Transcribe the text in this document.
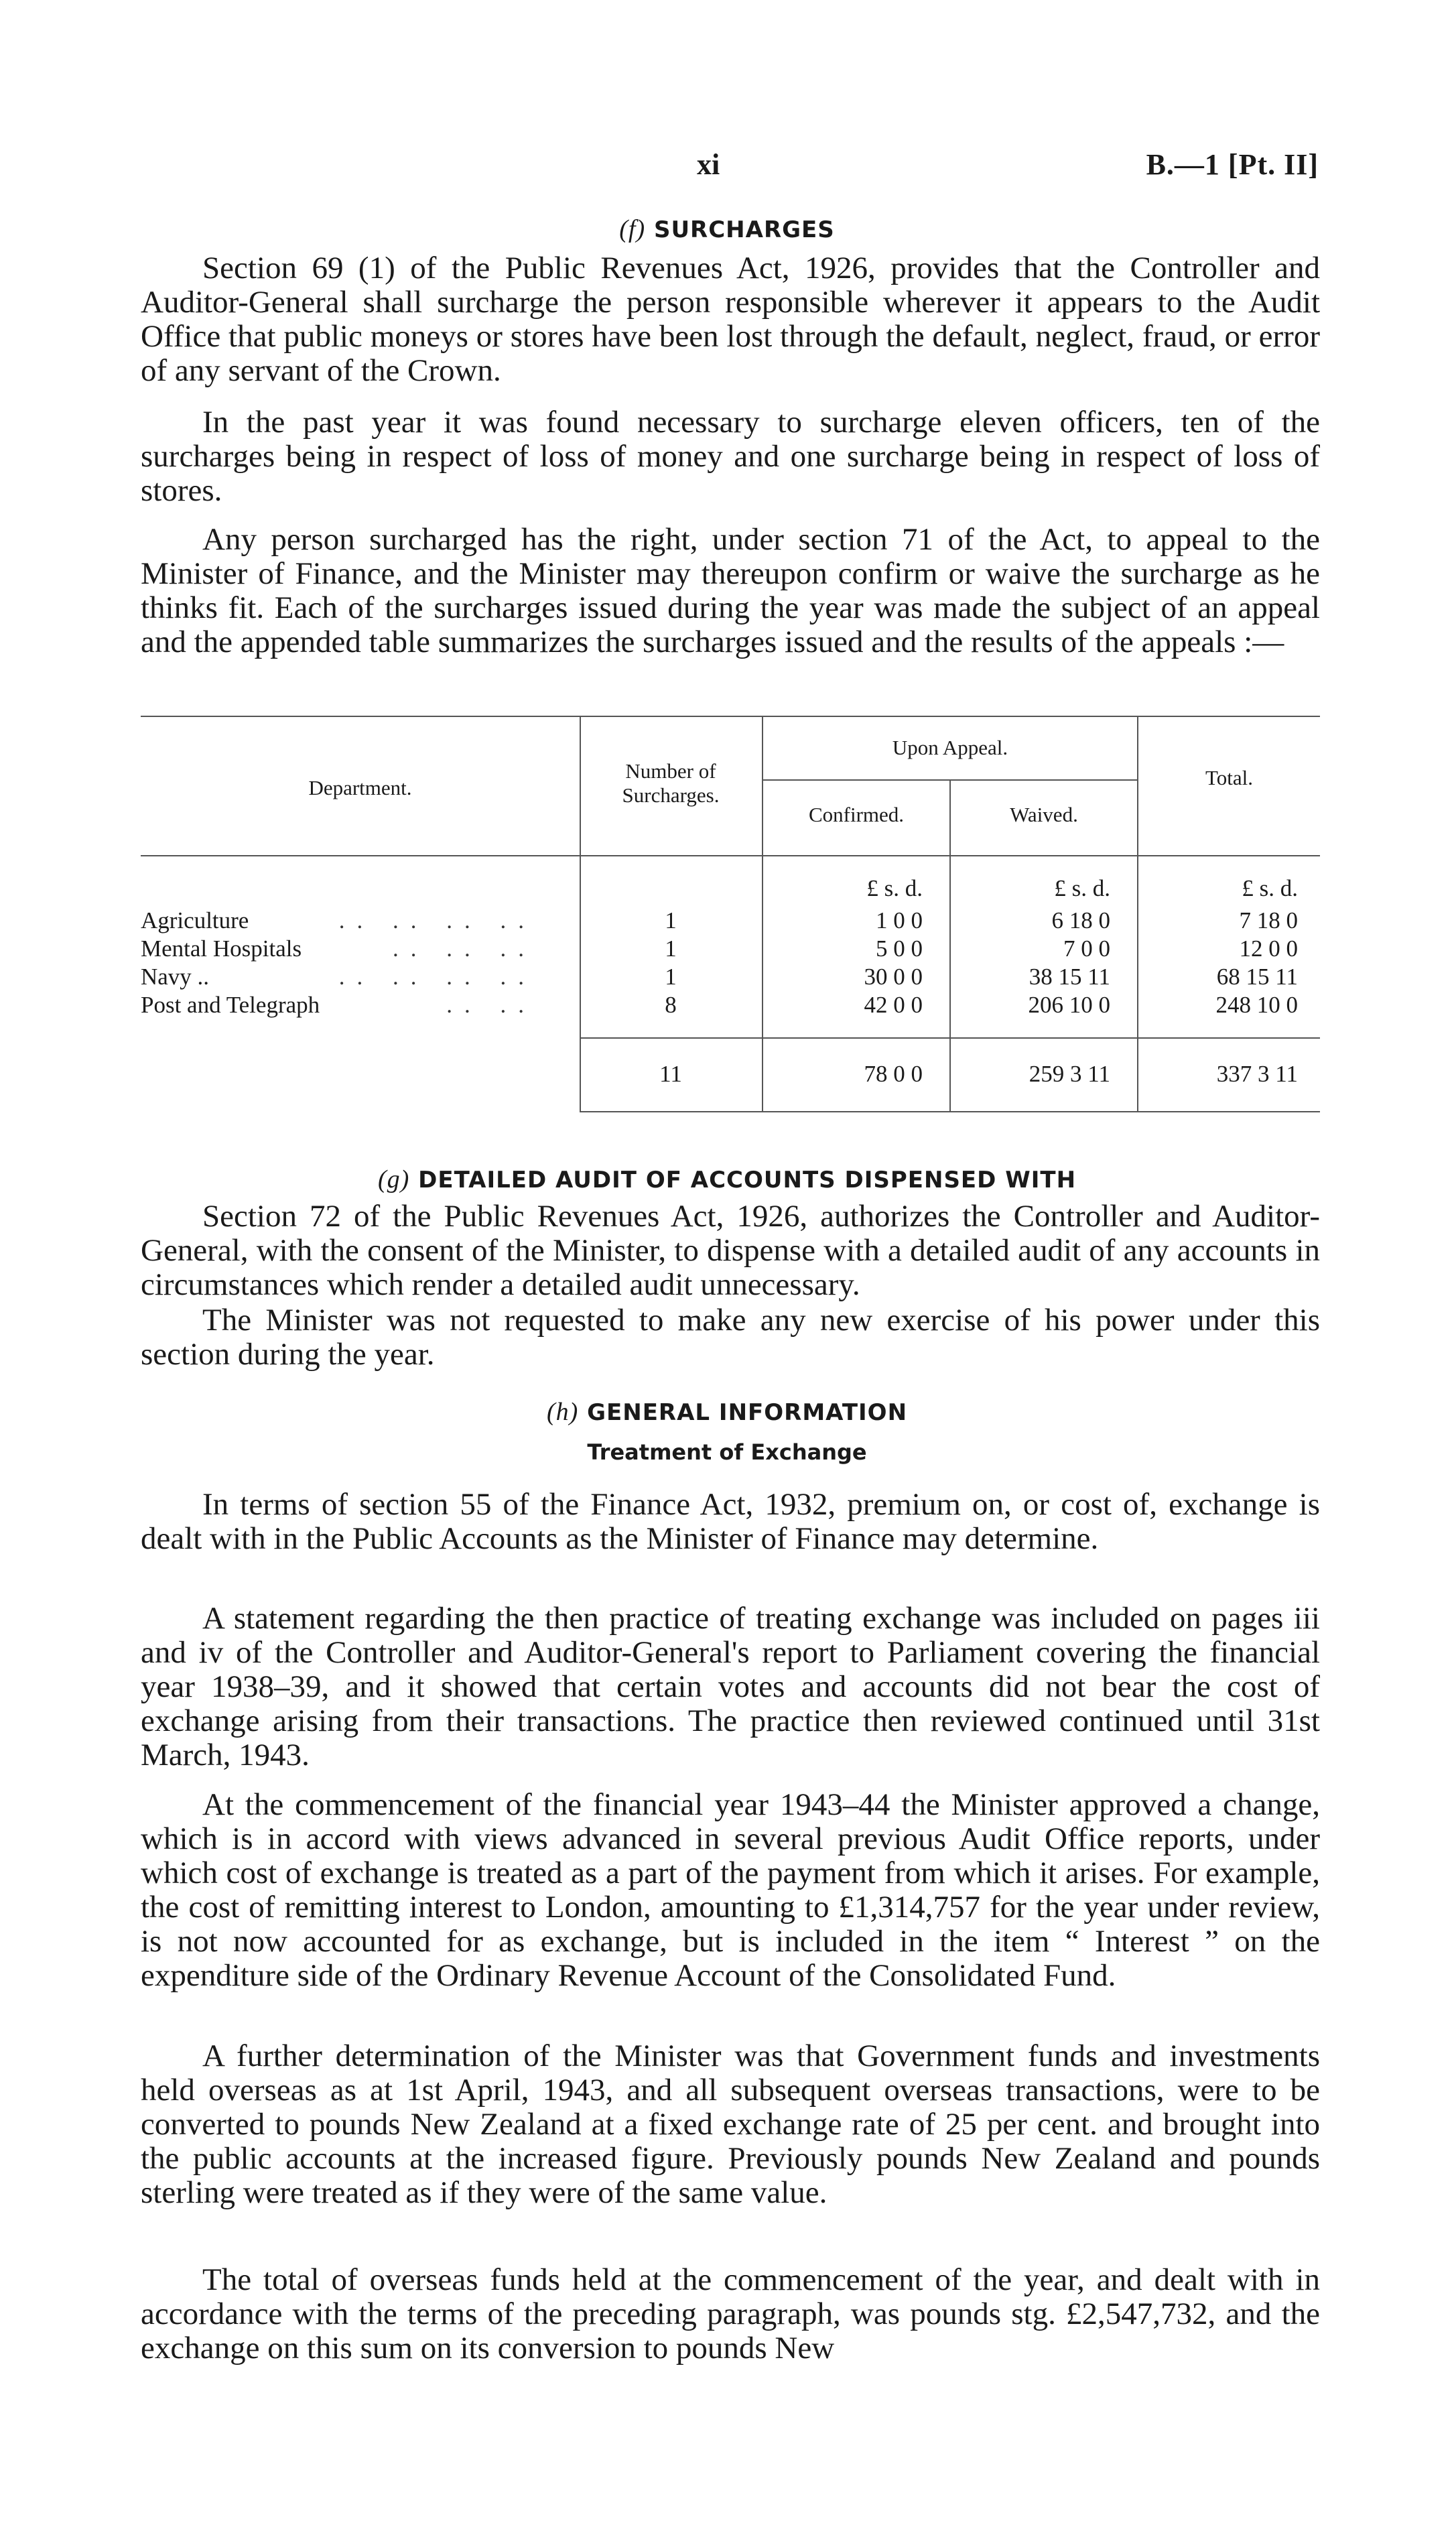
xi	B.—1 [Pt. II]
(f) SURCHARGES

Section 69 (1) of the Public Revenues Act, 1926, provides that the Controller and Auditor-General shall surcharge the person responsible wherever it appears to the Audit Office that public moneys or stores have been lost through the default, neglect, fraud, or error of any servant of the Crown.

In the past year it was found necessary to surcharge eleven officers, ten of the surcharges being in respect of loss of money and one surcharge being in respect of loss of stores.

Any person surcharged has the right, under section 71 of the Act, to appeal to the Minister of Finance, and the Minister may thereupon confirm or waive the surcharge as he thinks fit. Each of the surcharges issued during the year was made the subject of an appeal and the appended table summarizes the surcharges issued and the results of the appeals :—

Department.
Number of Surcharges.
Upon Appeal.
Confirmed.	Waived.
Total.
£ s. d.	£ s. d.	£ s. d.
Agriculture	.. .. .. ..	1	1 0 0	6 18 0	7 18 0
Mental Hospitals	.. .. ..	1	5 0 0	7 0 0	12 0 0
Navy ..	.. .. .. ..	1	30 0 0	38 15 11	68 15 11
Post and Telegraph	.. ..	8	42 0 0	206 10 0	248 10 0
11	78 0 0	259 3 11	337 3 11
(g) DETAILED AUDIT OF ACCOUNTS DISPENSED WITH

Section 72 of the Public Revenues Act, 1926, authorizes the Controller and Auditor-General, with the consent of the Minister, to dispense with a detailed audit of any accounts in circumstances which render a detailed audit unnecessary.

The Minister was not requested to make any new exercise of his power under this section during the year.

(h) GENERAL INFORMATION
Treatment of Exchange

In terms of section 55 of the Finance Act, 1932, premium on, or cost of, exchange is dealt with in the Public Accounts as the Minister of Finance may determine.

A statement regarding the then practice of treating exchange was included on pages iii and iv of the Controller and Auditor-General's report to Parliament covering the financial year 1938–39, and it showed that certain votes and accounts did not bear the cost of exchange arising from their transactions. The practice then reviewed continued until 31st March, 1943.

At the commencement of the financial year 1943–44 the Minister approved a change, which is in accord with views advanced in several previous Audit Office reports, under which cost of exchange is treated as a part of the payment from which it arises. For example, the cost of remitting interest to London, amounting to £1,314,757 for the year under review, is not now accounted for as exchange, but is included in the item “ Interest ” on the expenditure side of the Ordinary Revenue Account of the Consolidated Fund.

A further determination of the Minister was that Government funds and investments held overseas as at 1st April, 1943, and all subsequent overseas transactions, were to be converted to pounds New Zealand at a fixed exchange rate of 25 per cent. and brought into the public accounts at the increased figure. Previously pounds New Zealand and pounds sterling were treated as if they were of the same value.

The total of overseas funds held at the commencement of the year, and dealt with in accordance with the terms of the preceding paragraph, was pounds stg. £2,547,732, and the exchange on this sum on its conversion to pounds New
